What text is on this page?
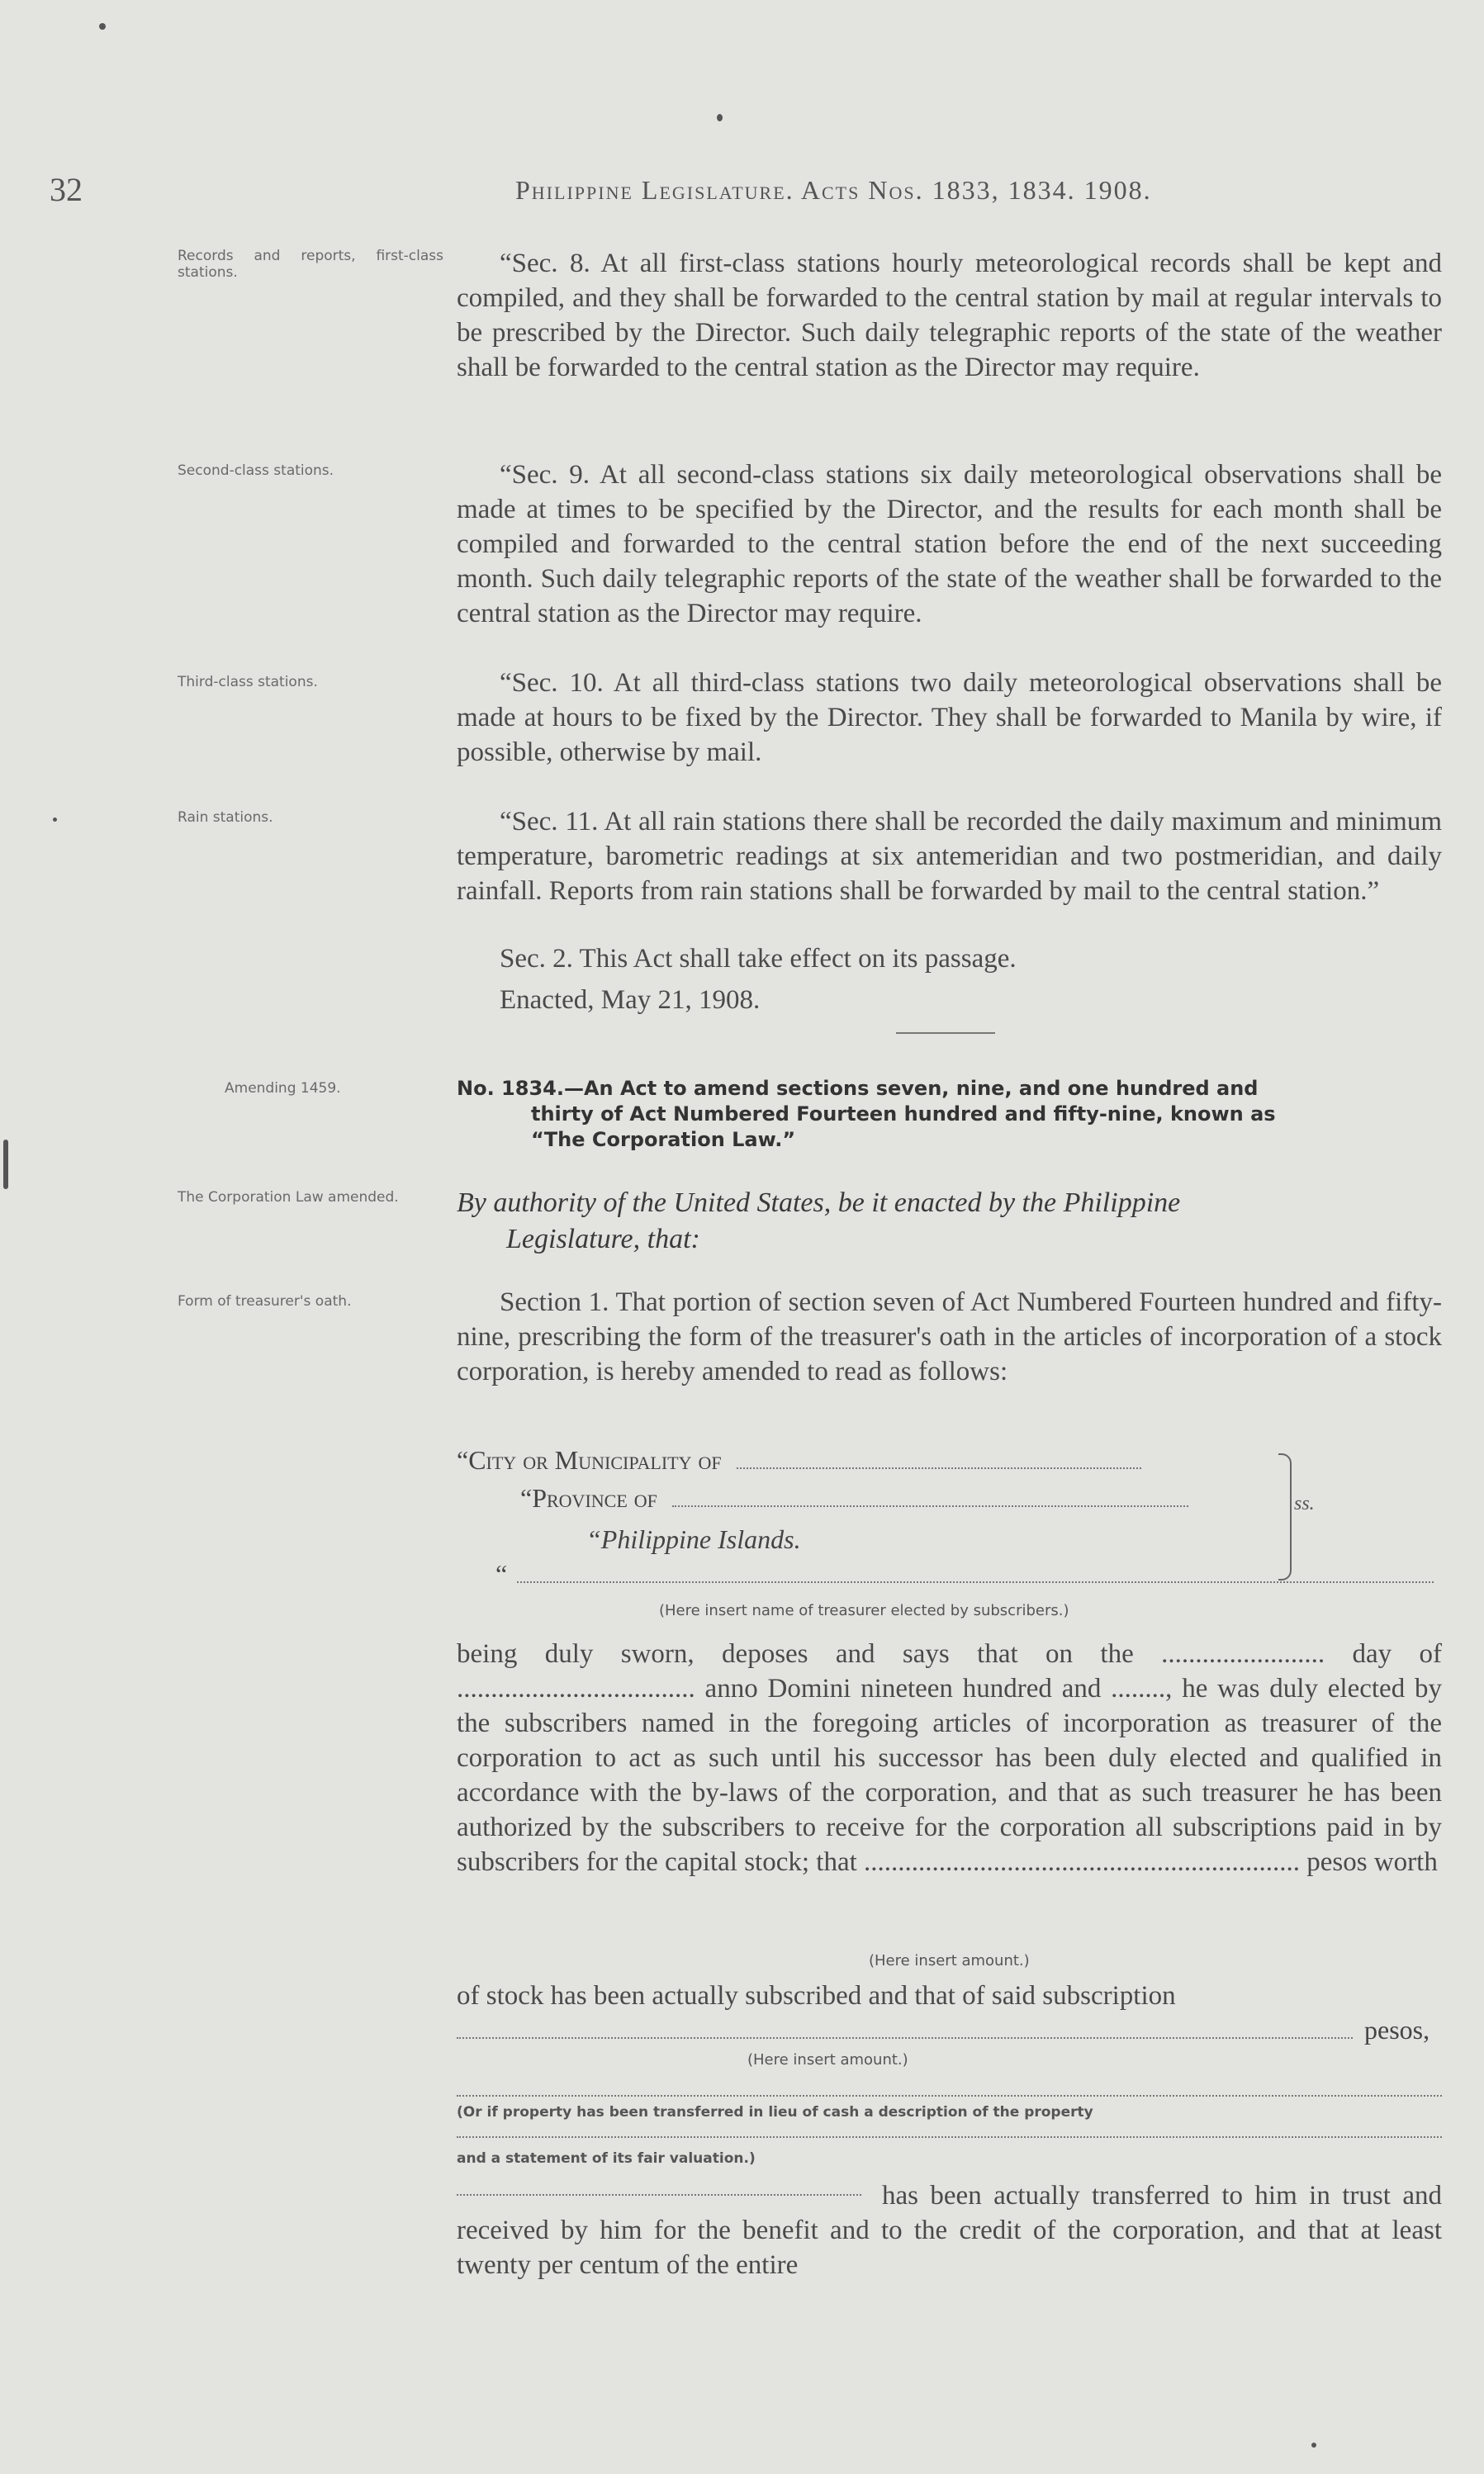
32	Philippine Legislature. Acts Nos. 1833, 1834. 1908.
Records and reports, first-class stations.
Second-class stations.
Third-class stations.
Rain stations.
Amending 1459.
The Corporation Law amended.
Form of treasurer's oath.
“Sec. 8. At all first-class stations hourly meteorological records shall be kept and compiled, and they shall be forwarded to the central station by mail at regular intervals to be prescribed by the Director. Such daily telegraphic reports of the state of the weather shall be forwarded to the central station as the Director may require.
“Sec. 9. At all second-class stations six daily meteorological observations shall be made at times to be specified by the Director, and the results for each month shall be compiled and forwarded to the central station before the end of the next succeeding month. Such daily telegraphic reports of the state of the weather shall be forwarded to the central station as the Director may require.
“Sec. 10. At all third-class stations two daily meteorological observations shall be made at hours to be fixed by the Director. They shall be forwarded to Manila by wire, if possible, otherwise by mail.
“Sec. 11. At all rain stations there shall be recorded the daily maximum and minimum temperature, barometric readings at six antemeridian and two postmeridian, and daily rainfall. Reports from rain stations shall be forwarded by mail to the central station.”
Sec. 2. This Act shall take effect on its passage.
Enacted, May 21, 1908.
No. 1834.—An Act to amend sections seven, nine, and one hundred and
thirty of Act Numbered Fourteen hundred and fifty-nine, known as
“The Corporation Law.”
By authority of the United States, be it enacted by the Philippine
Legislature, that:
Section 1. That portion of section seven of Act Numbered Fourteen hundred and fifty-nine, prescribing the form of the treasurer's oath in the articles of incorporation of a stock corporation, is hereby amended to read as follows:
“City or Municipality of
“Province of
“Philippine Islands.
ss.
“
(Here insert name of treasurer elected by subscribers.)
being duly sworn, deposes and says that on the ........................ day of ................................... anno Domini nineteen hundred and ........, he was duly elected by the subscribers named in the foregoing articles of incorporation as treasurer of the corporation to act as such until his successor has been duly elected and qualified in accordance with the by-laws of the corporation, and that as such treasurer he has been authorized by the subscribers to receive for the corporation all subscriptions paid in by subscribers for the capital stock; that ................................................................ pesos worth
(Here insert amount.)
of stock has been actually subscribed and that of said subscription
pesos,
(Here insert amount.)
(Or if property has been transferred in lieu of cash a description of the property
and a statement of its fair valuation.)
has been actually transferred to him in trust and received by him for the benefit and to the credit of the corporation, and that at least twenty per centum of the entire
